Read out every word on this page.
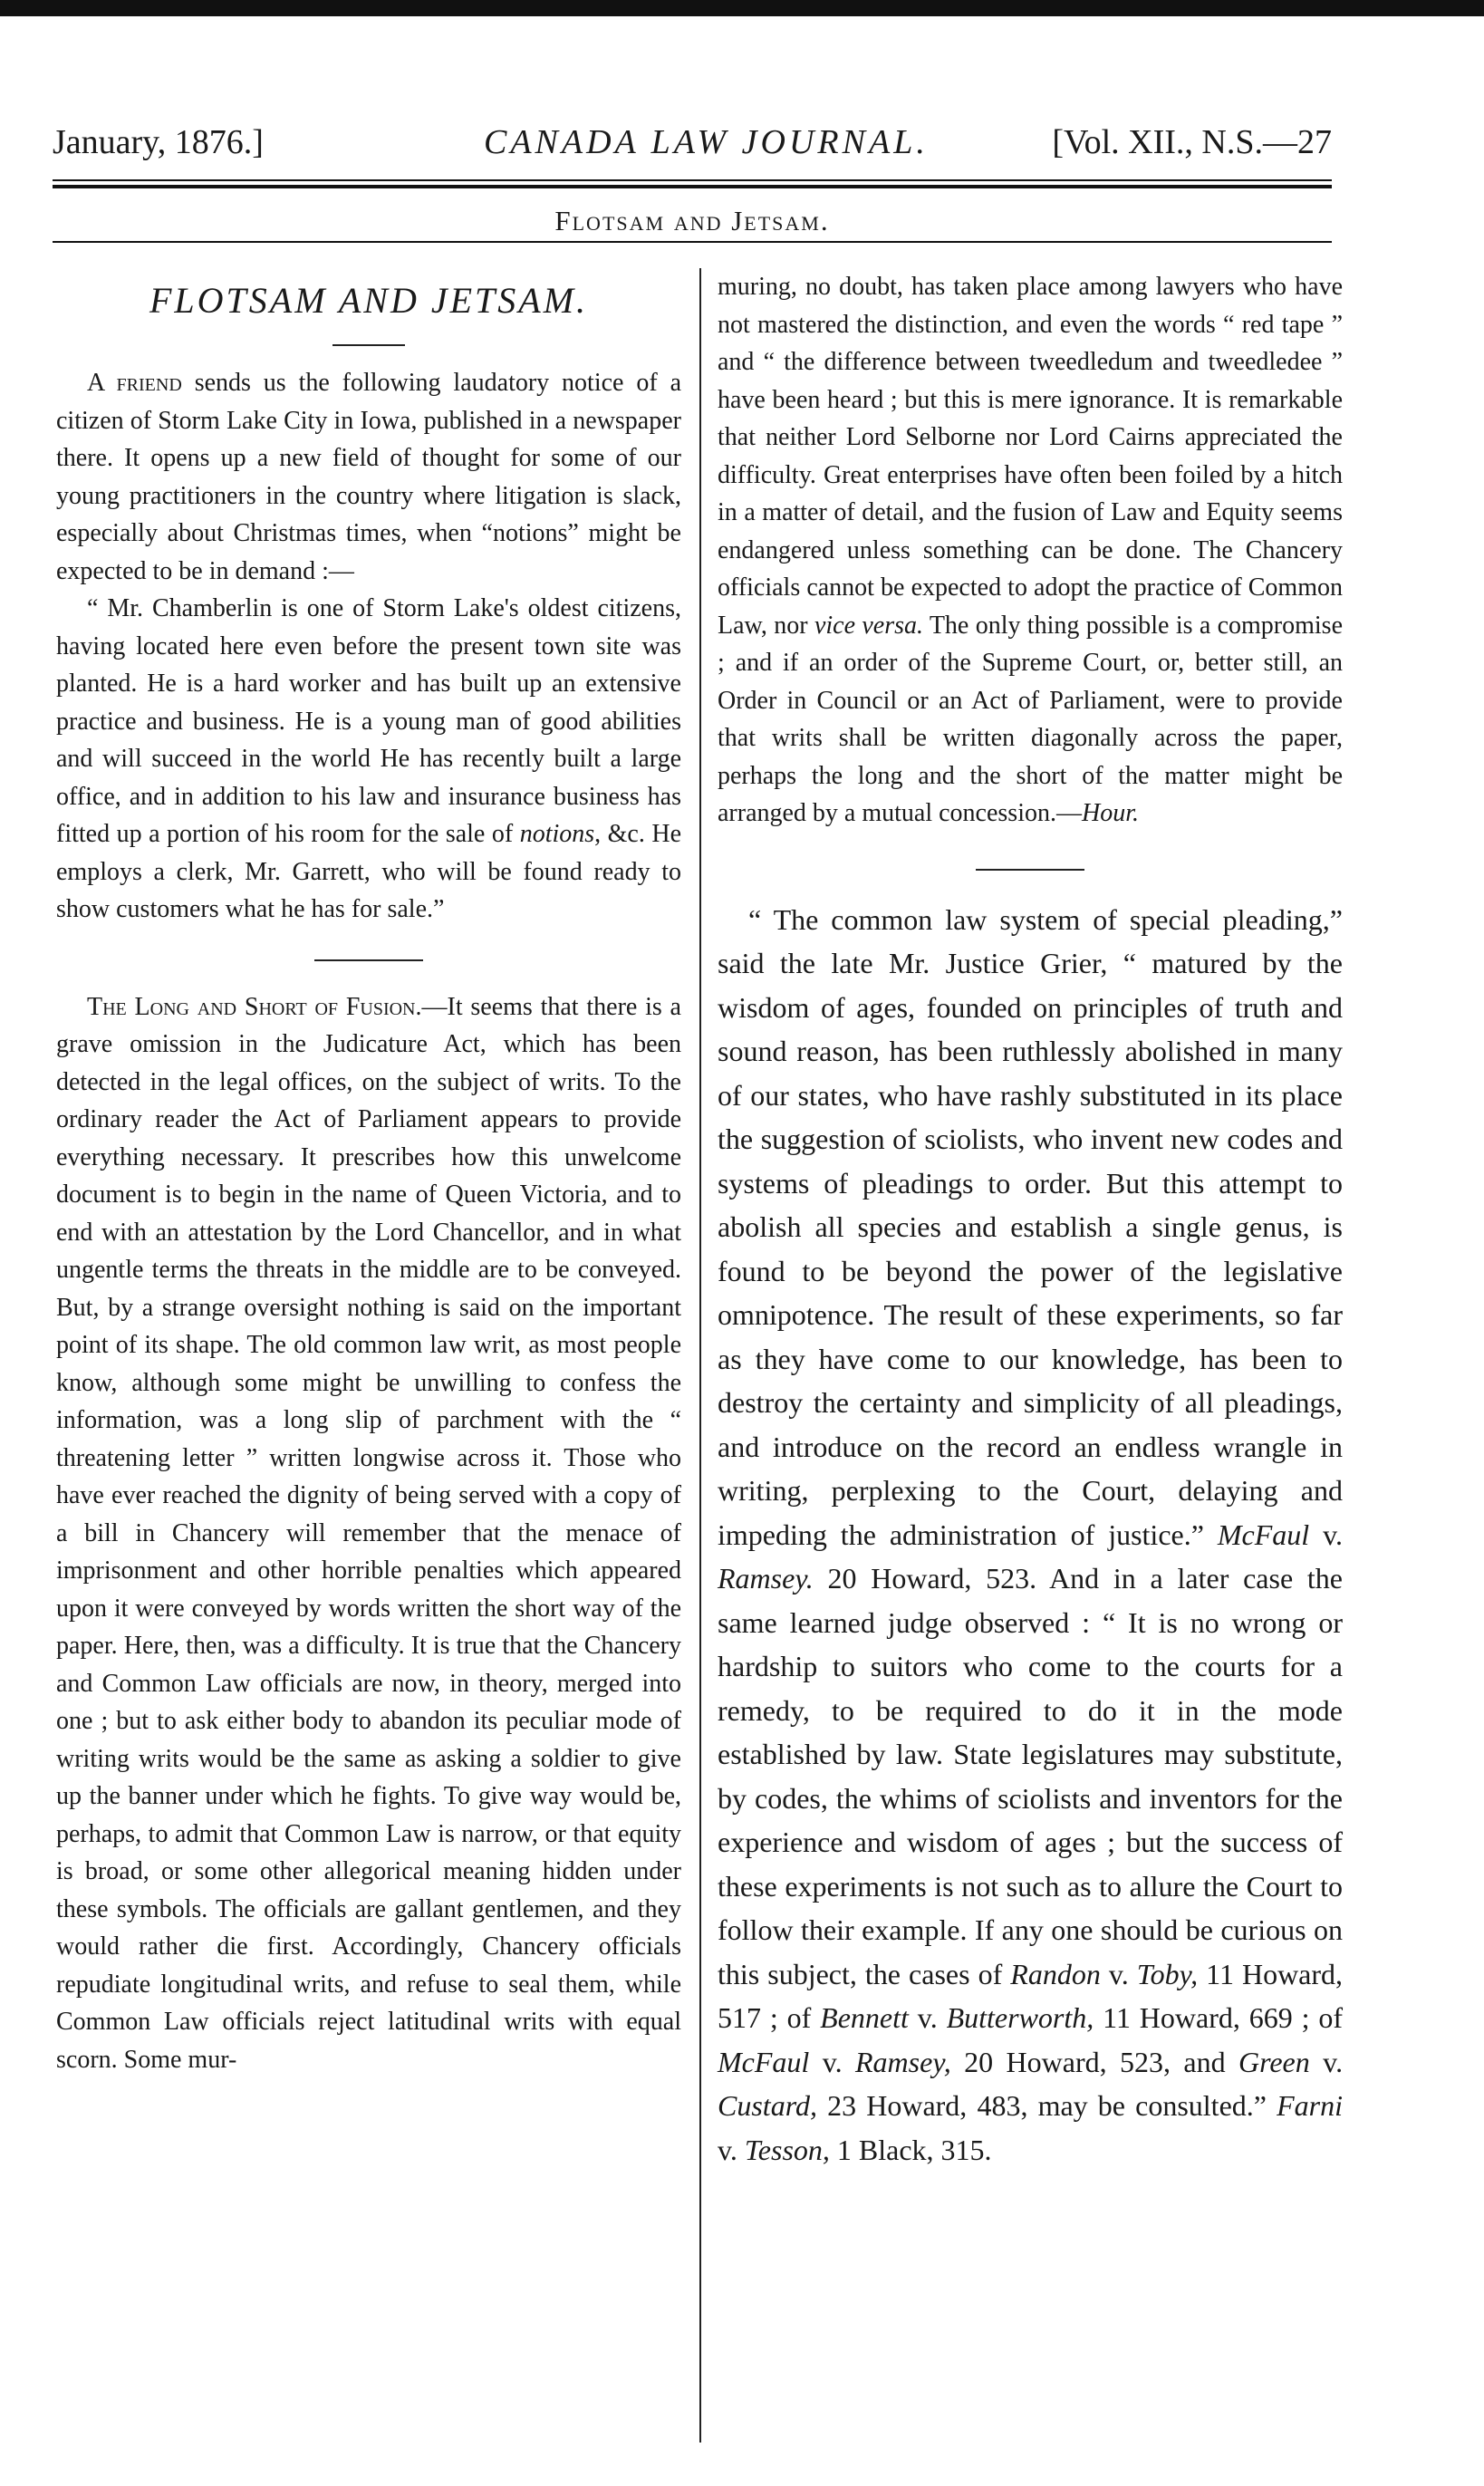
January, 1876.]	CANADA LAW JOURNAL.	[Vol. XII., N.S.—27
Flotsam and Jetsam.
FLOTSAM AND JETSAM.

A friend sends us the following laudatory notice of a citizen of Storm Lake City in Iowa, published in a newspaper there. It opens up a new field of thought for some of our young practitioners in the country where litigation is slack, especially about Christmas times, when “notions” might be expected to be in demand :—

“ Mr. Chamberlin is one of Storm Lake's oldest citizens, having located here even before the present town site was planted. He is a hard worker and has built up an extensive practice and business. He is a young man of good abilities and will succeed in the world He has recently built a large office, and in addition to his law and insurance business has fitted up a portion of his room for the sale of notions, &c. He employs a clerk, Mr. Garrett, who will be found ready to show customers what he has for sale.”

The Long and Short of Fusion.—It seems that there is a grave omission in the Judicature Act, which has been detected in the legal offices, on the subject of writs. To the ordinary reader the Act of Parliament appears to provide everything necessary. It prescribes how this unwelcome document is to begin in the name of Queen Victoria, and to end with an attestation by the Lord Chancellor, and in what ungentle terms the threats in the middle are to be conveyed. But, by a strange oversight nothing is said on the important point of its shape. The old common law writ, as most people know, although some might be unwilling to confess the information, was a long slip of parchment with the “ threatening letter ” written longwise across it. Those who have ever reached the dignity of being served with a copy of a bill in Chancery will remember that the menace of imprisonment and other horrible penalties which appeared upon it were conveyed by words written the short way of the paper. Here, then, was a difficulty. It is true that the Chancery and Common Law officials are now, in theory, merged into one ; but to ask either body to abandon its peculiar mode of writing writs would be the same as asking a soldier to give up the banner under which he fights. To give way would be, perhaps, to admit that Common Law is narrow, or that equity is broad, or some other allegorical meaning hidden under these symbols. The officials are gallant gentlemen, and they would rather die first. Accordingly, Chancery officials repudiate longitudinal writs, and refuse to seal them, while Common Law officials reject latitudinal writs with equal scorn. Some mur-

muring, no doubt, has taken place among lawyers who have not mastered the distinction, and even the words “ red tape ” and “ the difference between tweedledum and tweedledee ” have been heard ; but this is mere ignorance. It is remarkable that neither Lord Selborne nor Lord Cairns appreciated the difficulty. Great enterprises have often been foiled by a hitch in a matter of detail, and the fusion of Law and Equity seems endangered unless something can be done. The Chancery officials cannot be expected to adopt the practice of Common Law, nor vice versa. The only thing possible is a compromise ; and if an order of the Supreme Court, or, better still, an Order in Council or an Act of Parliament, were to provide that writs shall be written diagonally across the paper, perhaps the long and the short of the matter might be arranged by a mutual concession.—Hour.

“ The common law system of special pleading,” said the late Mr. Justice Grier, “ matured by the wisdom of ages, founded on principles of truth and sound reason, has been ruthlessly abolished in many of our states, who have rashly substituted in its place the suggestion of sciolists, who invent new codes and systems of pleadings to order. But this attempt to abolish all species and establish a single genus, is found to be beyond the power of the legislative omnipotence. The result of these experiments, so far as they have come to our knowledge, has been to destroy the certainty and simplicity of all pleadings, and introduce on the record an endless wrangle in writing, perplexing to the Court, delaying and impeding the administration of justice.” McFaul v. Ramsey. 20 Howard, 523. And in a later case the same learned judge observed : “ It is no wrong or hardship to suitors who come to the courts for a remedy, to be required to do it in the mode established by law. State legislatures may substitute, by codes, the whims of sciolists and inventors for the experience and wisdom of ages ; but the success of these experiments is not such as to allure the Court to follow their example. If any one should be curious on this subject, the cases of Randon v. Toby, 11 Howard, 517 ; of Bennett v. Butterworth, 11 Howard, 669 ; of McFaul v. Ramsey, 20 Howard, 523, and Green v. Custard, 23 Howard, 483, may be consulted.” Farni v. Tesson, 1 Black, 315.
